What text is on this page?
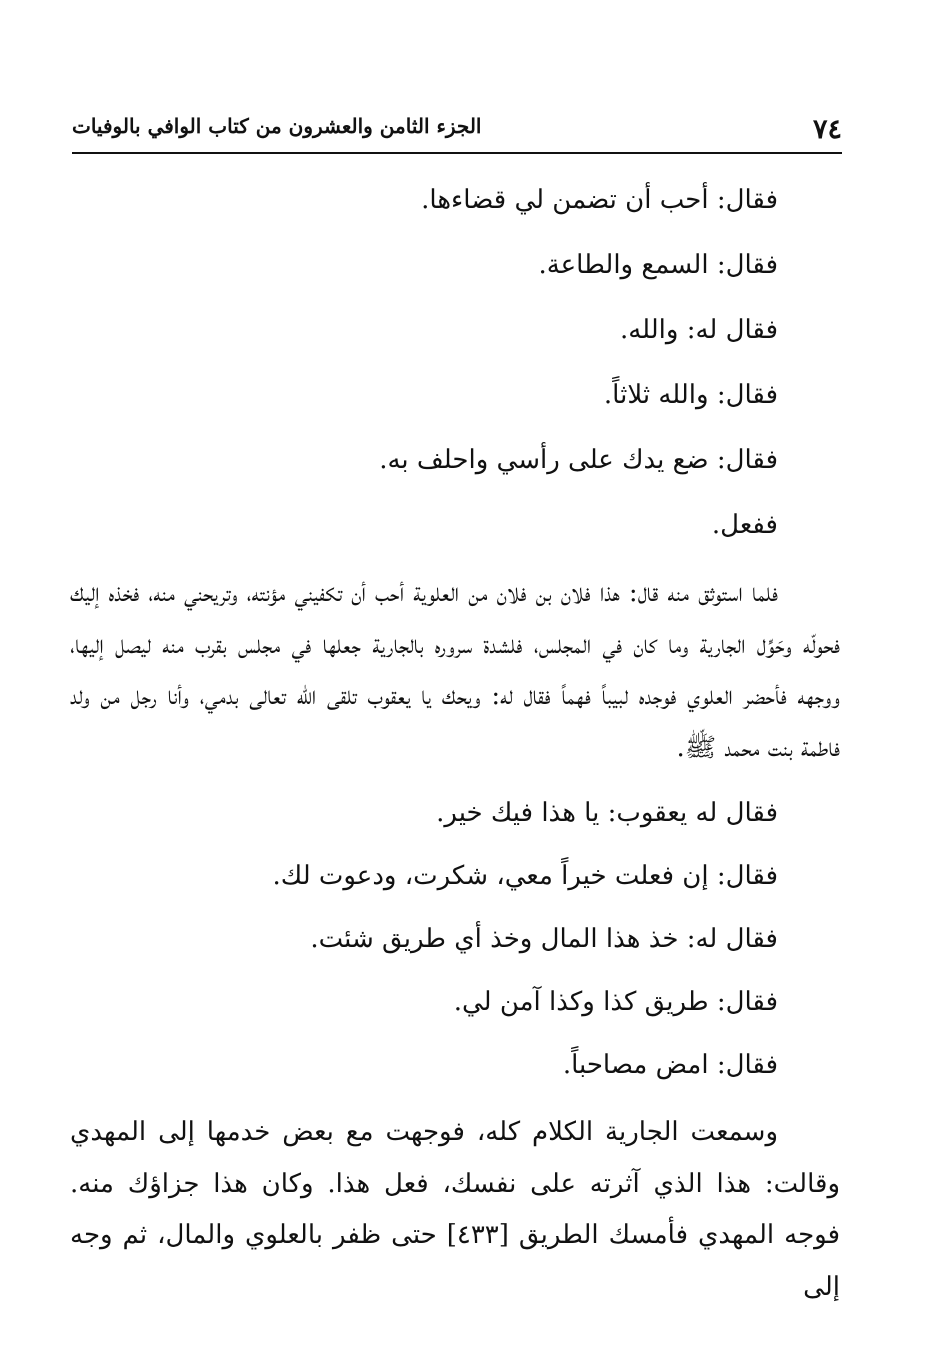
٧٤
الجزء الثامن والعشرون من كتاب الوافي بالوفيات
فقال: أحب أن تضمن لي قضاءها.
فقال: السمع والطاعة.
فقال له: والله.
فقال: والله ثلاثاً.
فقال: ضع يدك على رأسي واحلف به.
ففعل.
فلما استوثق منه قال: هذا فلان بن فلان من العلوية أحب أن تكفيني مؤنته، وتريحني منه، فخذه إليك فحولّه وحَوِّل الجارية وما كان في المجلس، فلشدة سروره بالجارية جعلها في مجلس بقرب منه ليصل إليها، ووجهه فأحضر العلوي فوجده لبيباً فهماً فقال له: ويحك يا يعقوب تلقى الله تعالى بدمي، وأنا رجل من ولد فاطمة بنت محمد ﷺ.
فقال له يعقوب: يا هذا فيك خير.
فقال: إن فعلت خيراً معي، شكرت، ودعوت لك.
فقال له: خذ هذا المال وخذ أي طريق شئت.
فقال: طريق كذا وكذا آمن لي.
فقال: امض مصاحباً.
وسمعت الجارية الكلام كله، فوجهت مع بعض خدمها إلى المهدي وقالت: هذا الذي آثرته على نفسك، فعل هذا. وكان هذا جزاؤك منه. فوجه المهدي فأمسك الطريق [٤٣٣] حتى ظفر بالعلوي والمال، ثم وجه إلى
